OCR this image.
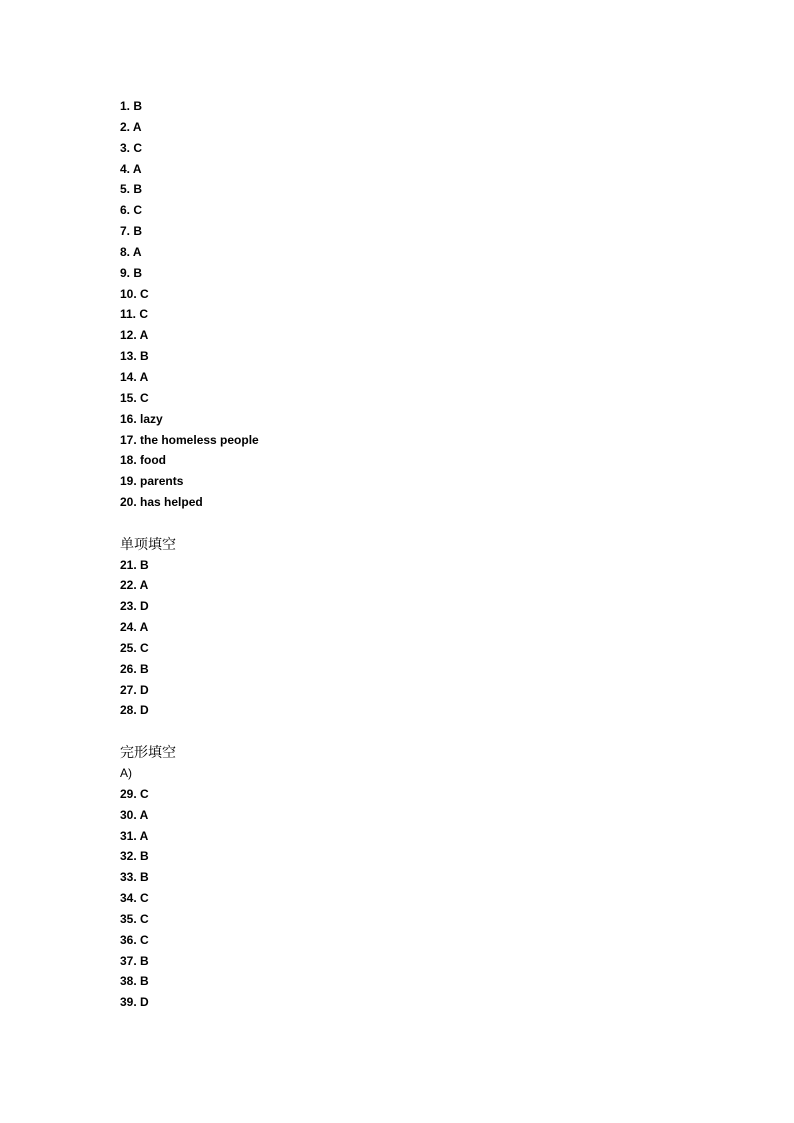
1. B
2. A
3. C
4. A
5. B
6. C
7. B
8. A
9. B
10. C
11. C
12. A
13. B
14. A
15. C
16. lazy
17. the homeless people
18. food
19. parents
20. has helped
单项填空
21. B
22. A
23. D
24. A
25. C
26. B
27. D
28. D
完形填空
A)
29. C
30. A
31. A
32. B
33. B
34. C
35. C
36. C
37. B
38. B
39. D
